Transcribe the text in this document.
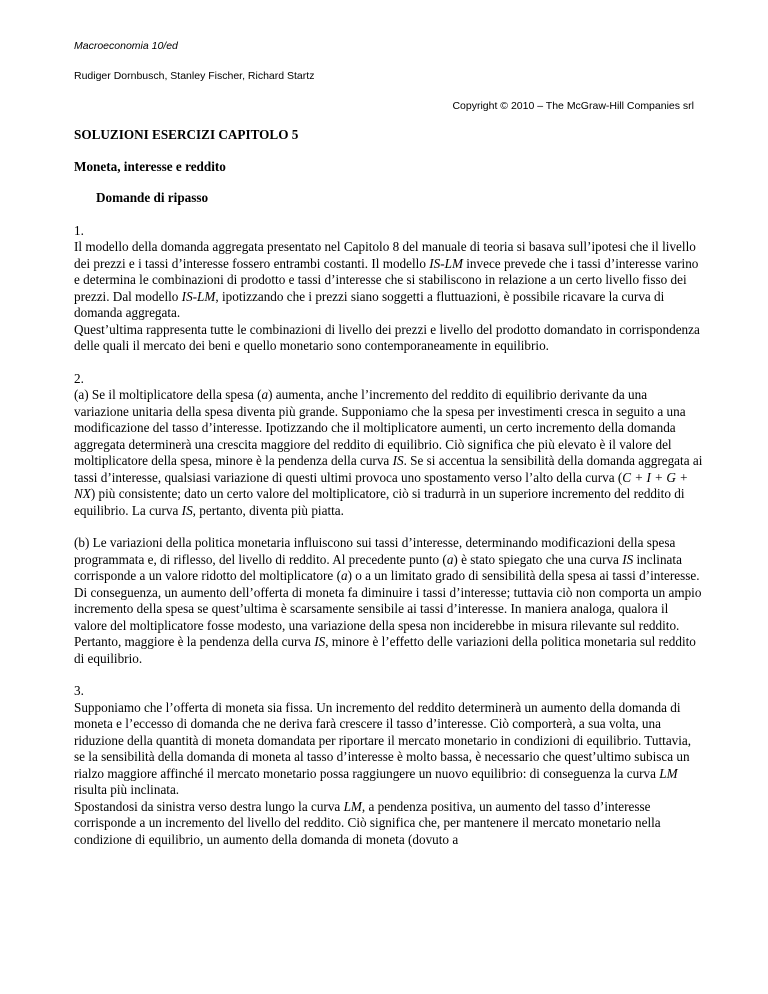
Macroeconomia 10/ed
Rudiger Dornbusch, Stanley Fischer, Richard Startz
Copyright © 2010 – The McGraw-Hill Companies srl

SOLUZIONI ESERCIZI CAPITOLO 5

Moneta, interesse e reddito

Domande di ripasso

1.

Il modello della domanda aggregata presentato nel Capitolo 8 del manuale di teoria si basava sull’ipotesi che il livello dei prezzi e i tassi d’interesse fossero entrambi costanti. Il modello IS-LM invece prevede che i tassi d’interesse varino e determina le combinazioni di prodotto e tassi d’interesse che si stabiliscono in relazione a un certo livello fisso dei prezzi. Dal modello IS-LM, ipotizzando che i prezzi siano soggetti a fluttuazioni, è possibile ricavare la curva di domanda aggregata.

Quest’ultima rappresenta tutte le combinazioni di livello dei prezzi e livello del prodotto domandato in corrispondenza delle quali il mercato dei beni e quello monetario sono contemporaneamente in equilibrio.

2.

(a) Se il moltiplicatore della spesa (a) aumenta, anche l’incremento del reddito di equilibrio derivante da una variazione unitaria della spesa diventa più grande. Supponiamo che la spesa per investimenti cresca in seguito a una modificazione del tasso d’interesse. Ipotizzando che il moltiplicatore aumenti, un certo incremento della domanda aggregata determinerà una crescita maggiore del reddito di equilibrio. Ciò significa che più elevato è il valore del moltiplicatore della spesa, minore è la pendenza della curva IS. Se si accentua la sensibilità della domanda aggregata ai tassi d’interesse, qualsiasi variazione di questi ultimi provoca uno spostamento verso l’alto della curva (C + I + G + NX) più consistente; dato un certo valore del moltiplicatore, ciò si tradurrà in un superiore incremento del reddito di equilibrio. La curva IS, pertanto, diventa più piatta.

(b) Le variazioni della politica monetaria influiscono sui tassi d’interesse, determinando modificazioni della spesa programmata e, di riflesso, del livello di reddito. Al precedente punto (a) è stato spiegato che una curva IS inclinata corrisponde a un valore ridotto del moltiplicatore (a) o a un limitato grado di sensibilità della spesa ai tassi d’interesse. Di conseguenza, un aumento dell’offerta di moneta fa diminuire i tassi d’interesse; tuttavia ciò non comporta un ampio incremento della spesa se quest’ultima è scarsamente sensibile ai tassi d’interesse. In maniera analoga, qualora il valore del moltiplicatore fosse modesto, una variazione della spesa non inciderebbe in misura rilevante sul reddito. Pertanto, maggiore è la pendenza della curva IS, minore è l’effetto delle variazioni della politica monetaria sul reddito di equilibrio.

3.

Supponiamo che l’offerta di moneta sia fissa. Un incremento del reddito determinerà un aumento della domanda di moneta e l’eccesso di domanda che ne deriva farà crescere il tasso d’interesse. Ciò comporterà, a sua volta, una riduzione della quantità di moneta domandata per riportare il mercato monetario in condizioni di equilibrio. Tuttavia, se la sensibilità della domanda di moneta al tasso d’interesse è molto bassa, è necessario che quest’ultimo subisca un rialzo maggiore affinché il mercato monetario possa raggiungere un nuovo equilibrio: di conseguenza la curva LM risulta più inclinata.

Spostandosi da sinistra verso destra lungo la curva LM, a pendenza positiva, un aumento del tasso d’interesse corrisponde a un incremento del livello del reddito. Ciò significa che, per mantenere il mercato monetario nella condizione di equilibrio, un aumento della domanda di moneta (dovuto a
